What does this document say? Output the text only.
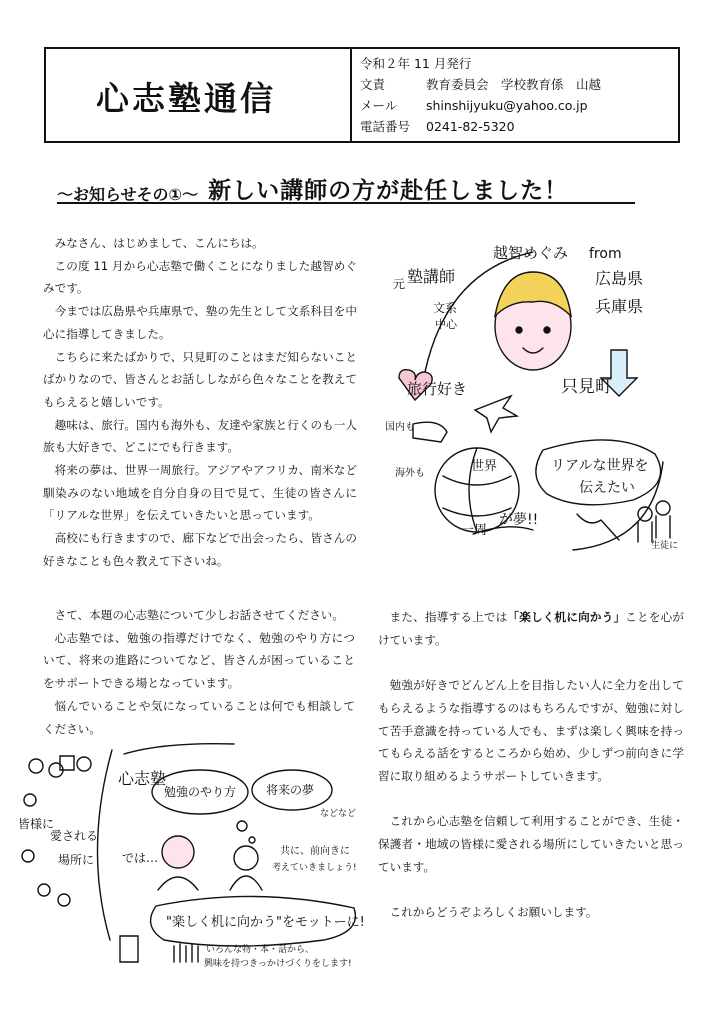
心志塾通信
令和２年 11 月発行
文責	教育委員会　学校教育係　山越
メール	shinshijyuku@yahoo.co.jp
電話番号	0241-82-5320
～お知らせその①～ 新しい講師の方が赴任しました！

みなさん、はじめまして、こんにちは。

この度 11 月から心志塾で働くことになりました越智めぐみです。

今までは広島県や兵庫県で、塾の先生として文系科目を中心に指導してきました。

こちらに来たばかりで、只見町のことはまだ知らないことばかりなので、皆さんとお話ししながら色々なことを教えてもらえると嬉しいです。

趣味は、旅行。国内も海外も、友達や家族と行くのも一人旅も大好きで、どこにでも行きます。

将来の夢は、世界一周旅行。アジアやアフリカ、南米など馴染みのない地域を自分自身の目で見て、生徒の皆さんに「リアルな世界」を伝えていきたいと思っています。

高校にも行きますので、廊下などで出会ったら、皆さんの好きなことも色々教えて下さいね。

元 塾講師
越智めぐみ from
広島県
兵庫県
文系
中心
旅行好き	只見町
国内も
海外も	世界	リアルな世界を
伝えたい
一周
が夢!!
生徒に

さて、本題の心志塾について少しお話させてください。

心志塾では、勉強の指導だけでなく、勉強のやり方について、将来の進路についてなど、皆さんが困っていることをサポートできる場となっています。

悩んでいることや気になっていることは何でも相談してください。

また、指導する上では「楽しく机に向かう」ことを心がけています。

勉強が好きでどんどん上を目指したい人に全力を出してもらえるような指導するのはもちろんですが、勉強に対して苦手意識を持っている人でも、まずは楽しく興味を持ってもらえる話をするところから始め、少しずつ前向きに学習に取り組めるようサポートしていきます。

これから心志塾を信頼して利用することができ、生徒・保護者・地域の皆様に愛される場所にしていきたいと思っています。

これからどうぞよろしくお願いします。

心志塾
では…
皆様に
愛される
場所に
勉強のやり方 将来の夢
などなど
共に、前向きに
考えていきましょう!
"楽しく机に向かう"をモットーに!
いろんな物・本・話から、
興味を持つきっかけづくりをします!
